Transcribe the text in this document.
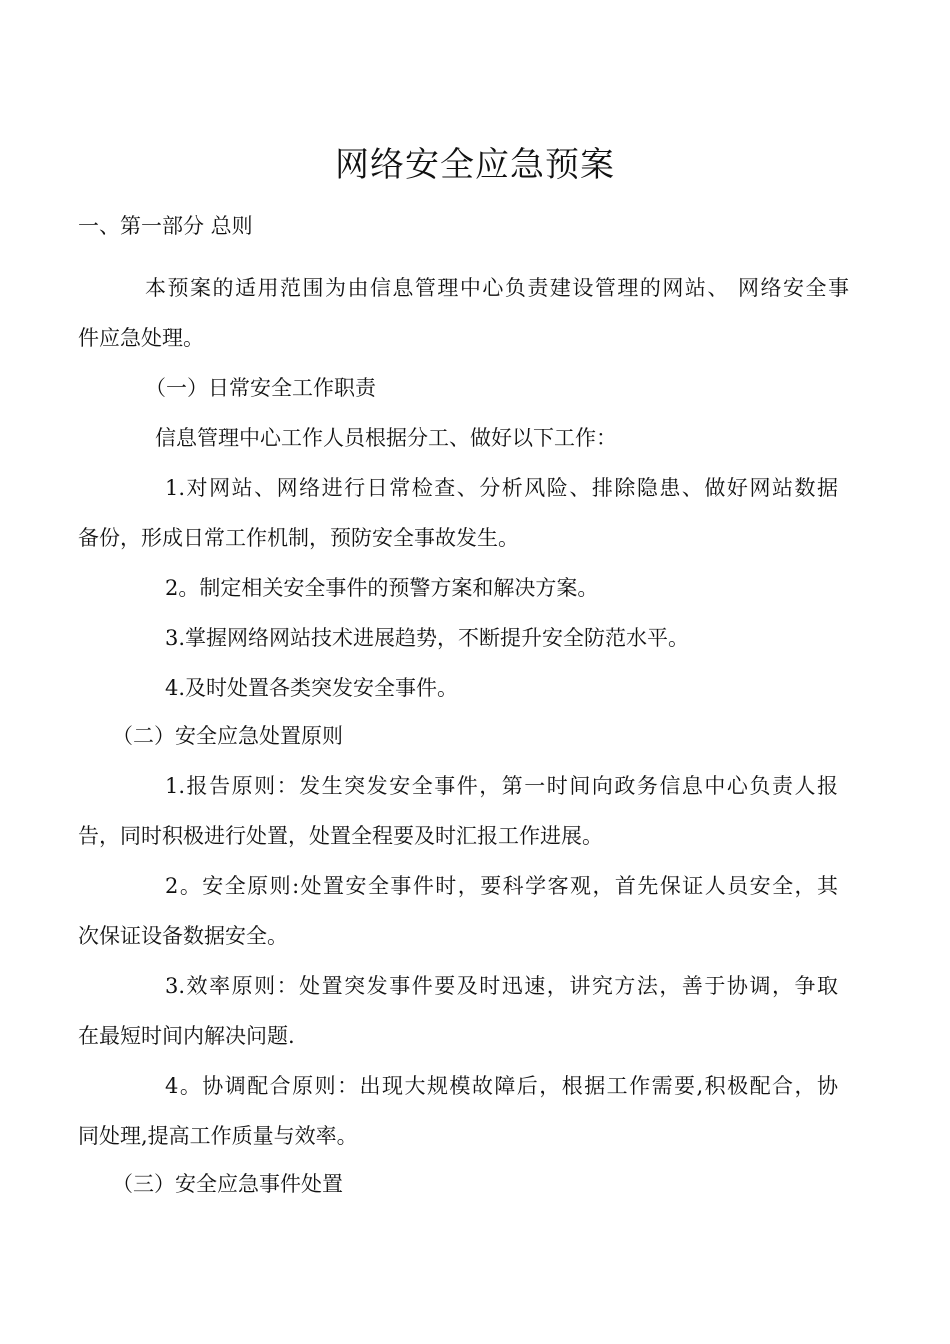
网络安全应急预案

一、第一部分 总则

本预案的适用范围为由信息管理中心负责建设管理的网站、 网络安全事

件应急处理。

（一）日常安全工作职责

信息管理中心工作人员根据分工、做好以下工作：

1.对网站、网络进行日常检查、分析风险、排除隐患、做好网站数据

备份，形成日常工作机制，预防安全事故发生。

2。制定相关安全事件的预警方案和解决方案。

3.掌握网络网站技术进展趋势，不断提升安全防范水平。

4.及时处置各类突发安全事件。

（二）安全应急处置原则

1.报告原则：发生突发安全事件，第一时间向政务信息中心负责人报

告，同时积极进行处置，处置全程要及时汇报工作进展。

2。安全原则:处置安全事件时，要科学客观，首先保证人员安全，其

次保证设备数据安全。

3.效率原则：处置突发事件要及时迅速，讲究方法，善于协调，争取

在最短时间内解决问题.

4。协调配合原则：出现大规模故障后，根据工作需要,积极配合，协

同处理,提高工作质量与效率。

（三）安全应急事件处置
